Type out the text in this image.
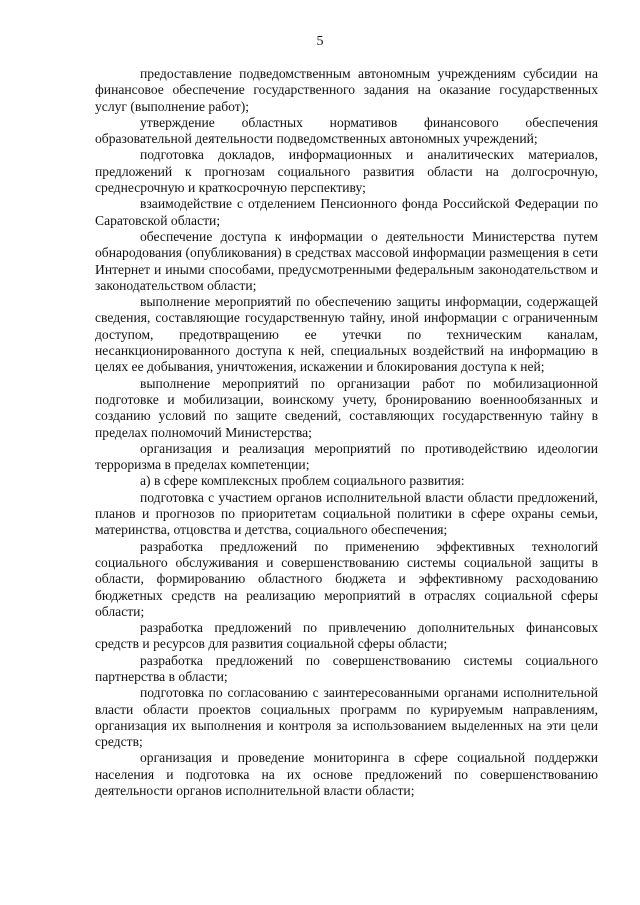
5

предоставление подведомственным автономным учреждениям субсидии на финансовое обеспечение государственного задания на оказание государственных услуг (выполнение работ);

утверждение областных нормативов финансового обеспечения образовательной деятельности подведомственных автономных учреждений;

подготовка докладов, информационных и аналитических материалов, предложений к прогнозам социального развития области на долгосрочную, среднесрочную и краткосрочную перспективу;

взаимодействие с отделением Пенсионного фонда Российской Федерации по Саратовской области;

обеспечение доступа к информации о деятельности Министерства путем обнародования (опубликования) в средствах массовой информации размещения в сети Интернет и иными способами, предусмотренными федеральным законодательством и законодательством области;

выполнение мероприятий по обеспечению защиты информации, содержащей сведения, составляющие государственную тайну, иной информации с ограниченным доступом, предотвращению ее утечки по техническим каналам, несанкционированного доступа к ней, специальных воздействий на информацию в целях ее добывания, уничтожения, искажении и блокирования доступа к ней;

выполнение мероприятий по организации работ по мобилизационной подготовке и мобилизации, воинскому учету, бронированию военнообязанных и созданию условий по защите сведений, составляющих государственную тайну в пределах полномочий Министерства;

организация и реализация мероприятий по противодействию идеологии терроризма в пределах компетенции;

а) в сфере комплексных проблем социального развития:

подготовка с участием органов исполнительной власти области предложений, планов и прогнозов по приоритетам социальной политики в сфере охраны семьи, материнства, отцовства и детства, социального обеспечения;

разработка предложений по применению эффективных технологий социального обслуживания и совершенствованию системы социальной защиты в области, формированию областного бюджета и эффективному расходованию бюджетных средств на реализацию мероприятий в отраслях социальной сферы области;

разработка предложений по привлечению дополнительных финансовых средств и ресурсов для развития социальной сферы области;

разработка предложений по совершенствованию системы социального партнерства в области;

подготовка по согласованию с заинтересованными органами исполнительной власти области проектов социальных программ по курируемым направлениям, организация их выполнения и контроля за использованием выделенных на эти цели средств;

организация и проведение мониторинга в сфере социальной поддержки населения и подготовка на их основе предложений по совершенствованию деятельности органов исполнительной власти области;
